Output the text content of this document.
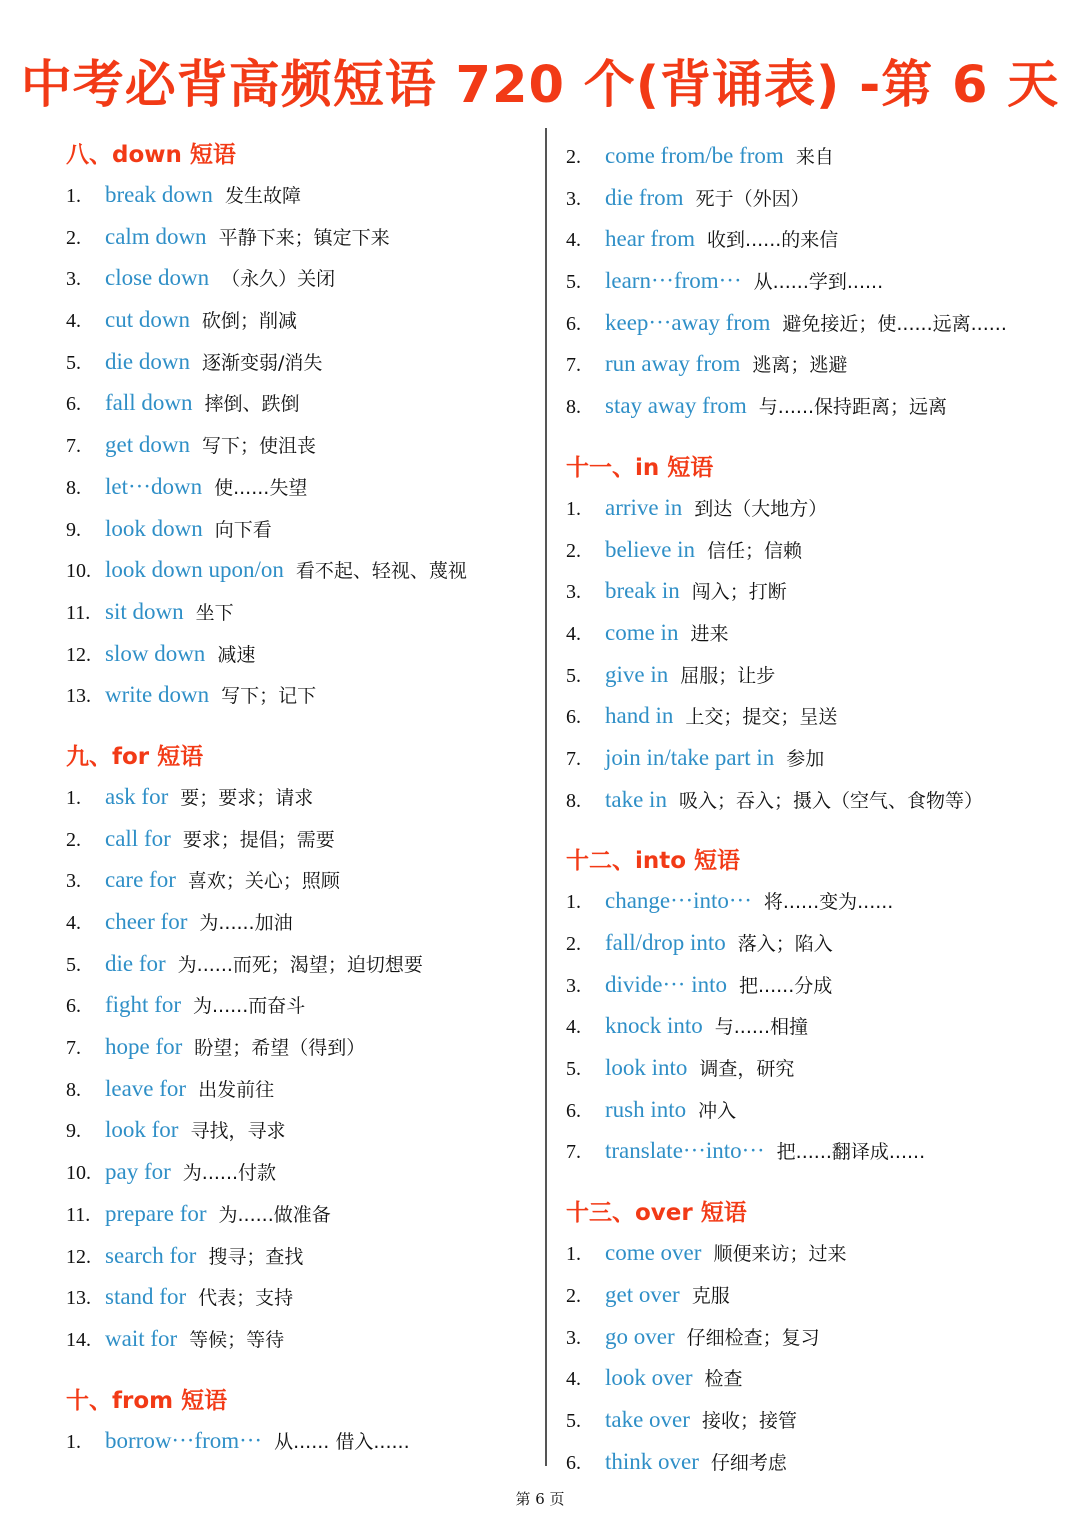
中考必背高频短语 720 个(背诵表) -第 6 天
八、down 短语
1. break down 发生故障
2. calm down 平静下来；镇定下来
3. close down （永久）关闭
4. cut down 砍倒；削减
5. die down 逐渐变弱/消失
6. fall down 摔倒、跌倒
7. get down 写下；使沮丧
8. let···down 使......失望
9. look down 向下看
10. look down upon/on 看不起、轻视、蔑视
11. sit down 坐下
12. slow down 减速
13. write down 写下；记下
九、for 短语
1. ask for 要；要求；请求
2. call for 要求；提倡；需要
3. care for 喜欢；关心；照顾
4. cheer for 为......加油
5. die for 为......而死；渴望；迫切想要
6. fight for 为......而奋斗
7. hope for 盼望；希望（得到）
8. leave for 出发前往
9. look for 寻找，寻求
10. pay for 为......付款
11. prepare for 为......做准备
12. search for 搜寻；查找
13. stand for 代表；支持
14. wait for 等候；等待
十、from 短语
1. borrow···from··· 从...... 借入......
2. come from/be from 来自
3. die from 死于（外因）
4. hear from 收到......的来信
5. learn···from··· 从......学到......
6. keep···away from 避免接近；使......远离......
7. run away from 逃离；逃避
8. stay away from 与......保持距离；远离
十一、in 短语
1. arrive in 到达（大地方）
2. believe in 信任；信赖
3. break in 闯入；打断
4. come in 进来
5. give in 屈服；让步
6. hand in 上交；提交；呈送
7. join in/take part in 参加
8. take in 吸入；吞入；摄入（空气、食物等）
十二、into 短语
1. change···into··· 将......变为......
2. fall/drop into 落入；陷入
3. divide··· into 把......分成
4. knock into 与......相撞
5. look into 调查，研究
6. rush into 冲入
7. translate···into··· 把......翻译成......
十三、over 短语
1. come over 顺便来访；过来
2. get over 克服
3. go over 仔细检查；复习
4. look over 检查
5. take over 接收；接管
6. think over 仔细考虑
第 6 页
